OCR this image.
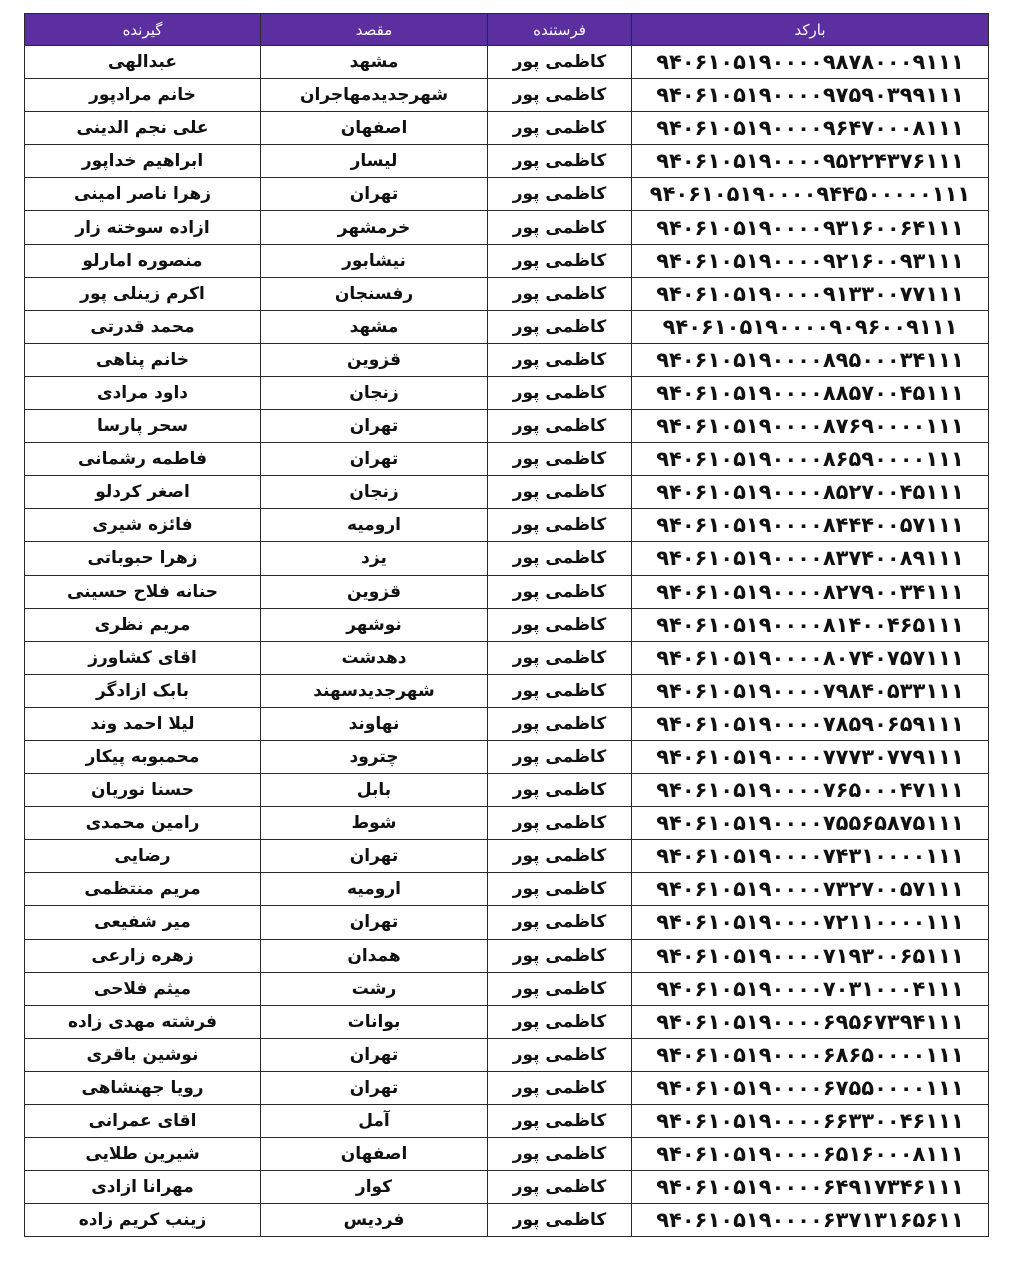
بارکد	فرستنده	مقصد	گیرنده
۹۴۰۶۱۰۵۱۹۰۰۰۰۹۸۷۸۰۰۰۹۱۱۱	کاظمی پور	مشهد	عبدالهی
۹۴۰۶۱۰۵۱۹۰۰۰۰۹۷۵۹۰۳۹۹۱۱۱	کاظمی پور	شهرجدیدمهاجران	خانم مرادپور
۹۴۰۶۱۰۵۱۹۰۰۰۰۹۶۴۷۰۰۰۸۱۱۱	کاظمی پور	اصفهان	علی نجم الدینی
۹۴۰۶۱۰۵۱۹۰۰۰۰۹۵۲۲۴۳۷۶۱۱۱	کاظمی پور	لیسار	ابراهیم خداپور
۹۴۰۶۱۰۵۱۹۰۰۰۰۹۴۴۵۰۰۰۰۰۱۱۱	کاظمی پور	تهران	زهرا ناصر امینی
۹۴۰۶۱۰۵۱۹۰۰۰۰۹۳۱۶۰۰۶۴۱۱۱	کاظمی پور	خرمشهر	ازاده سوخته زار
۹۴۰۶۱۰۵۱۹۰۰۰۰۹۲۱۶۰۰۹۳۱۱۱	کاظمی پور	نیشابور	منصوره امارلو
۹۴۰۶۱۰۵۱۹۰۰۰۰۹۱۳۳۰۰۷۷۱۱۱	کاظمی پور	رفسنجان	اکرم زینلی پور
۹۴۰۶۱۰۵۱۹۰۰۰۰۹۰۹۶۰۰۹۱۱۱	کاظمی پور	مشهد	محمد قدرتی
۹۴۰۶۱۰۵۱۹۰۰۰۰۸۹۵۰۰۰۳۴۱۱۱	کاظمی پور	قزوین	خانم پناهی
۹۴۰۶۱۰۵۱۹۰۰۰۰۸۸۵۷۰۰۴۵۱۱۱	کاظمی پور	زنجان	داود مرادی
۹۴۰۶۱۰۵۱۹۰۰۰۰۸۷۶۹۰۰۰۰۱۱۱	کاظمی پور	تهران	سحر پارسا
۹۴۰۶۱۰۵۱۹۰۰۰۰۸۶۵۹۰۰۰۰۱۱۱	کاظمی پور	تهران	فاطمه رشمانی
۹۴۰۶۱۰۵۱۹۰۰۰۰۸۵۲۷۰۰۴۵۱۱۱	کاظمی پور	زنجان	اصغر کردلو
۹۴۰۶۱۰۵۱۹۰۰۰۰۸۴۴۴۰۰۵۷۱۱۱	کاظمی پور	ارومیه	فائزه شیری
۹۴۰۶۱۰۵۱۹۰۰۰۰۸۳۷۴۰۰۸۹۱۱۱	کاظمی پور	یزد	زهرا حبوباتی
۹۴۰۶۱۰۵۱۹۰۰۰۰۸۲۷۹۰۰۳۴۱۱۱	کاظمی پور	قزوین	حنانه فلاح حسینی
۹۴۰۶۱۰۵۱۹۰۰۰۰۸۱۴۰۰۴۶۵۱۱۱	کاظمی پور	نوشهر	مریم نظری
۹۴۰۶۱۰۵۱۹۰۰۰۰۸۰۷۴۰۷۵۷۱۱۱	کاظمی پور	دهدشت	اقای کشاورز
۹۴۰۶۱۰۵۱۹۰۰۰۰۷۹۸۴۰۵۳۳۱۱۱	کاظمی پور	شهرجدیدسهند	بابک ازادگر
۹۴۰۶۱۰۵۱۹۰۰۰۰۷۸۵۹۰۶۵۹۱۱۱	کاظمی پور	نهاوند	لیلا احمد وند
۹۴۰۶۱۰۵۱۹۰۰۰۰۷۷۷۳۰۷۷۹۱۱۱	کاظمی پور	چترود	محمبوبه پیکار
۹۴۰۶۱۰۵۱۹۰۰۰۰۷۶۵۰۰۰۴۷۱۱۱	کاظمی پور	بابل	حسنا نوریان
۹۴۰۶۱۰۵۱۹۰۰۰۰۷۵۵۶۵۸۷۵۱۱۱	کاظمی پور	شوط	رامین محمدی
۹۴۰۶۱۰۵۱۹۰۰۰۰۷۴۳۱۰۰۰۰۱۱۱	کاظمی پور	تهران	رضایی
۹۴۰۶۱۰۵۱۹۰۰۰۰۷۳۲۷۰۰۵۷۱۱۱	کاظمی پور	ارومیه	مریم منتظمی
۹۴۰۶۱۰۵۱۹۰۰۰۰۷۲۱۱۰۰۰۰۱۱۱	کاظمی پور	تهران	میر شفیعی
۹۴۰۶۱۰۵۱۹۰۰۰۰۷۱۹۳۰۰۶۵۱۱۱	کاظمی پور	همدان	زهره زارعی
۹۴۰۶۱۰۵۱۹۰۰۰۰۷۰۳۱۰۰۰۴۱۱۱	کاظمی پور	رشت	میثم فلاحی
۹۴۰۶۱۰۵۱۹۰۰۰۰۶۹۵۶۷۳۹۴۱۱۱	کاظمی پور	بوانات	فرشته مهدی زاده
۹۴۰۶۱۰۵۱۹۰۰۰۰۶۸۶۵۰۰۰۰۱۱۱	کاظمی پور	تهران	نوشین باقری
۹۴۰۶۱۰۵۱۹۰۰۰۰۶۷۵۵۰۰۰۰۱۱۱	کاظمی پور	تهران	رویا جهنشاهی
۹۴۰۶۱۰۵۱۹۰۰۰۰۶۶۳۳۰۰۴۶۱۱۱	کاظمی پور	آمل	اقای عمرانی
۹۴۰۶۱۰۵۱۹۰۰۰۰۶۵۱۶۰۰۰۸۱۱۱	کاظمی پور	اصفهان	شیرین طلایی
۹۴۰۶۱۰۵۱۹۰۰۰۰۶۴۹۱۷۳۴۶۱۱۱	کاظمی پور	کوار	مهرانا ازادی
۹۴۰۶۱۰۵۱۹۰۰۰۰۶۳۷۱۳۱۶۵۶۱۱	کاظمی پور	فردیس	زینب کریم زاده
